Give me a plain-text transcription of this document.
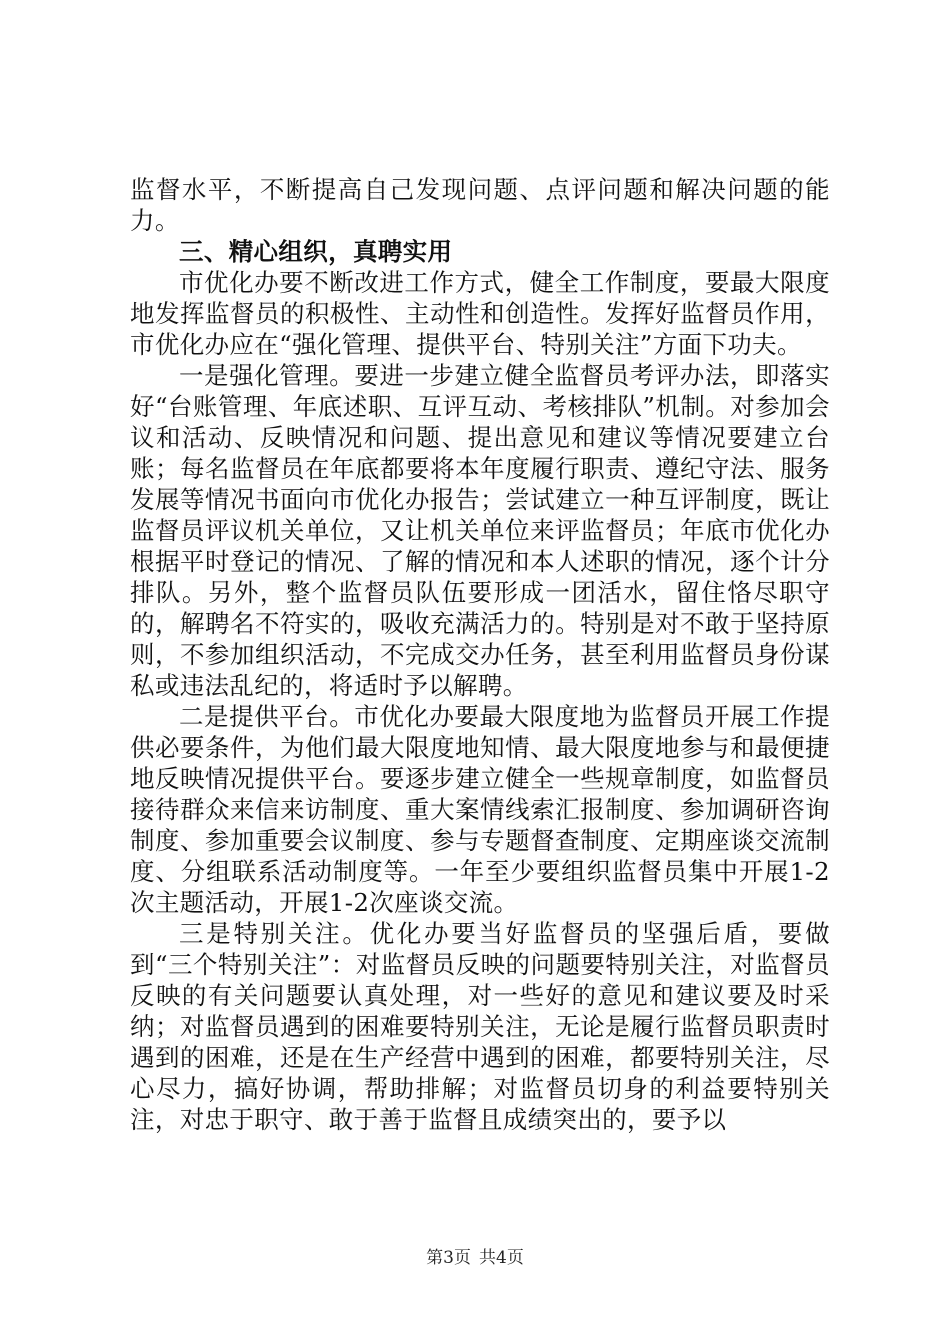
监督水平，不断提高自己发现问题、点评问题和解决问题的能力。

三、精心组织，真聘实用

市优化办要不断改进工作方式，健全工作制度，要最大限度地发挥监督员的积极性、主动性和创造性。发挥好监督员作用，市优化办应在“强化管理、提供平台、特别关注”方面下功夫。

一是强化管理。要进一步建立健全监督员考评办法，即落实好“台账管理、年底述职、互评互动、考核排队”机制。对参加会议和活动、反映情况和问题、提出意见和建议等情况要建立台账；每名监督员在年底都要将本年度履行职责、遵纪守法、服务发展等情况书面向市优化办报告；尝试建立一种互评制度，既让监督员评议机关单位，又让机关单位来评监督员；年底市优化办根据平时登记的情况、了解的情况和本人述职的情况，逐个计分排队。另外，整个监督员队伍要形成一团活水，留住恪尽职守的，解聘名不符实的，吸收充满活力的。特别是对不敢于坚持原则，不参加组织活动，不完成交办任务，甚至利用监督员身份谋私或违法乱纪的，将适时予以解聘。

二是提供平台。市优化办要最大限度地为监督员开展工作提供必要条件，为他们最大限度地知情、最大限度地参与和最便捷地反映情况提供平台。要逐步建立健全一些规章制度，如监督员接待群众来信来访制度、重大案情线索汇报制度、参加调研咨询制度、参加重要会议制度、参与专题督查制度、定期座谈交流制度、分组联系活动制度等。一年至少要组织监督员集中开展1-2次主题活动，开展1-2次座谈交流。

三是特别关注。优化办要当好监督员的坚强后盾，要做到“三个特别关注”：对监督员反映的问题要特别关注，对监督员反映的有关问题要认真处理，对一些好的意见和建议要及时采纳；对监督员遇到的困难要特别关注，无论是履行监督员职责时遇到的困难，还是在生产经营中遇到的困难，都要特别关注，尽心尽力，搞好协调，帮助排解；对监督员切身的利益要特别关注，对忠于职守、敢于善于监督且成绩突出的，要予以

第3页 共4页
